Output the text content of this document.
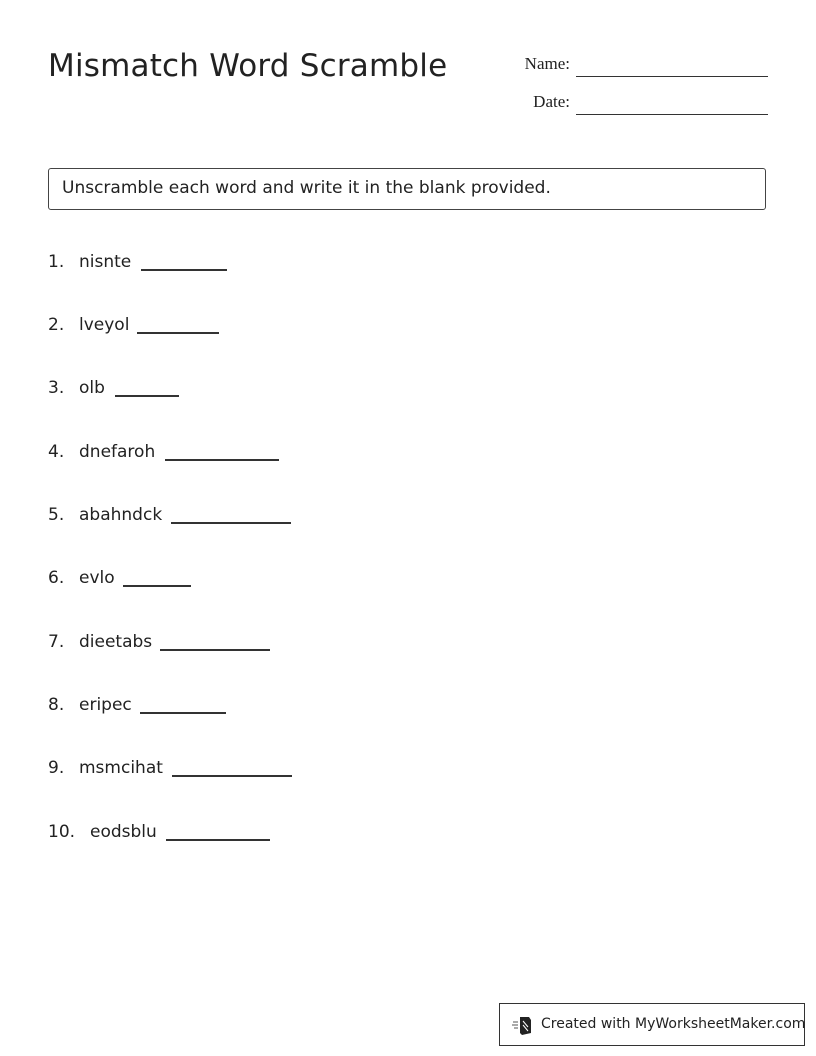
Mismatch Word Scramble	Name:
Date:
Unscramble each word and write it in the blank provided.
1. nisnte
2. lveyol
3. olb
4. dnefaroh
5. abahndck
6. evlo
7. dieetabs
8. eripec
9. msmcihat
10. eodsblu
Created with MyWorksheetMaker.com
